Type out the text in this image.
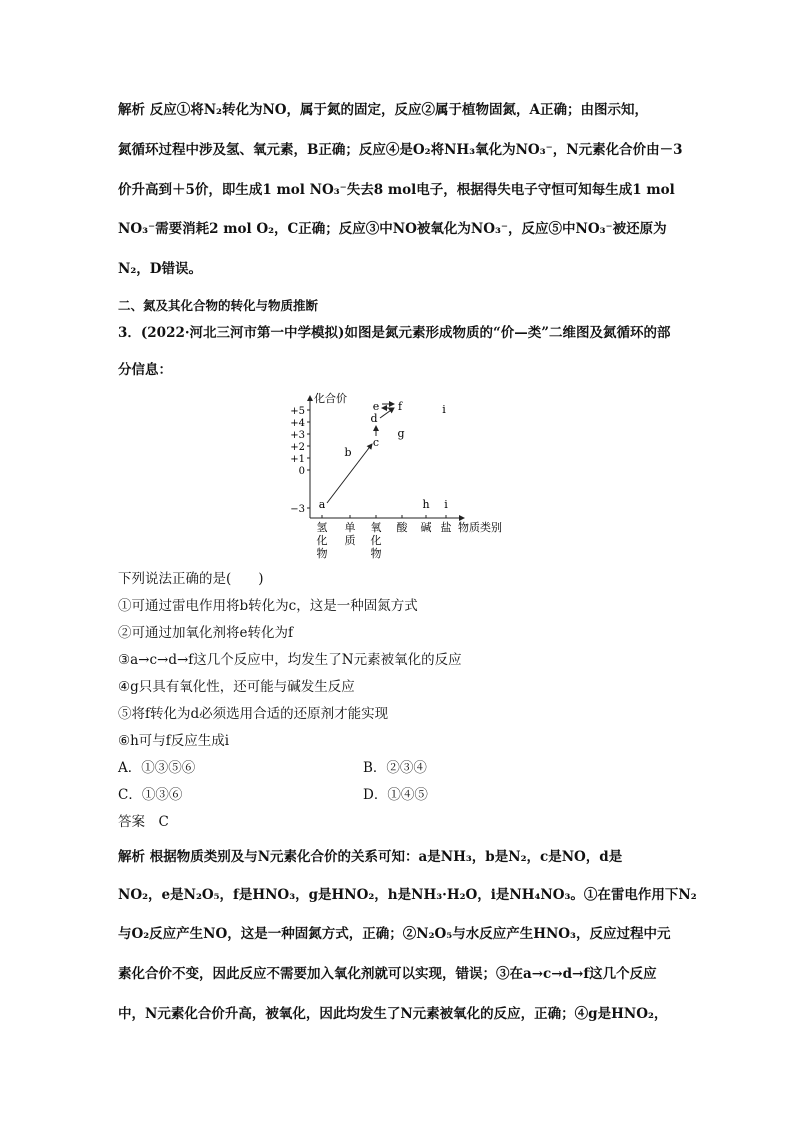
解析 反应①将N₂转化为NO，属于氮的固定，反应②属于植物固氮，A正确；由图示知，
氮循环过程中涉及氢、氧元素，B正确；反应④是O₂将NH₃氧化为NO₃⁻，N元素化合价由－3
价升高到＋5价，即生成1 mol NO₃⁻失去8 mol电子，根据得失电子守恒可知每生成1 mol
NO₃⁻需要消耗2 mol O₂，C正确；反应③中NO被氧化为NO₃⁻，反应⑤中NO₃⁻被还原为
N₂，D错误。
二、氮及其化合物的转化与物质推断
3．(2022·河北三河市第一中学模拟)如图是氮元素形成物质的“价—类”二维图及氮循环的部
分信息：
化合价
+5
+4
+3
+2
+1
0
−3
氢
化
物
单
质
氧
化
物
酸 碱 盐 物质类别
a
b
c
d
e f
g
h i
i
下列说法正确的是(　　)
①可通过雷电作用将b转化为c，这是一种固氮方式
②可通过加氧化剂将e转化为f
③a→c→d→f这几个反应中，均发生了N元素被氧化的反应
④g只具有氧化性，还可能与碱发生反应
⑤将f转化为d必须选用合适的还原剂才能实现
⑥h可与f反应生成i
A．①③⑤⑥	B．②③④
C．①③⑥	D．①④⑤
答案　C
解析 根据物质类别及与N元素化合价的关系可知：a是NH₃，b是N₂，c是NO，d是
NO₂，e是N₂O₅，f是HNO₃，g是HNO₂，h是NH₃·H₂O，i是NH₄NO₃。①在雷电作用下N₂
与O₂反应产生NO，这是一种固氮方式，正确；②N₂O₅与水反应产生HNO₃，反应过程中元
素化合价不变，因此反应不需要加入氧化剂就可以实现，错误；③在a→c→d→f这几个反应
中，N元素化合价升高，被氧化，因此均发生了N元素被氧化的反应，正确；④g是HNO₂，
